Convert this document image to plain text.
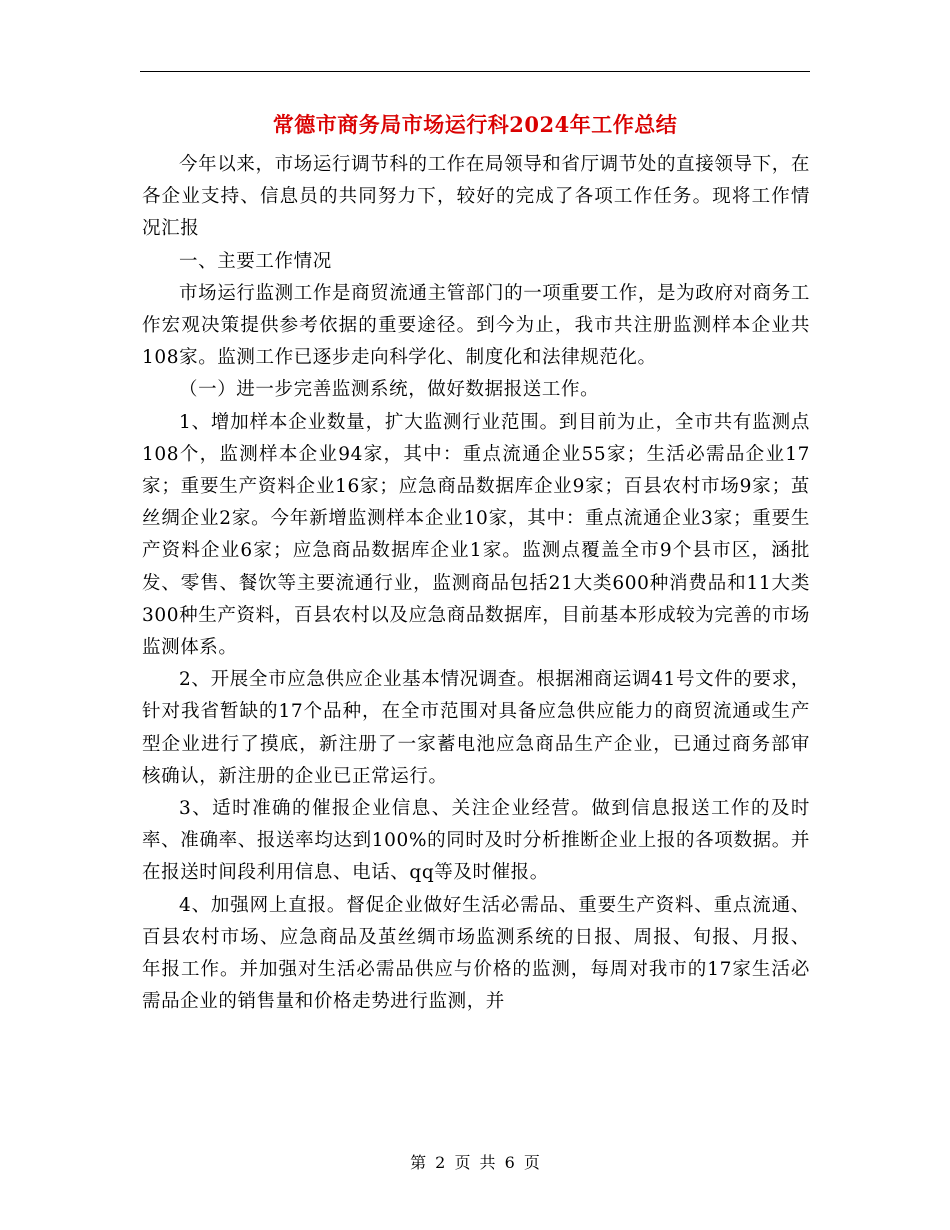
常德市商务局市场运行科2024年工作总结

今年以来，市场运行调节科的工作在局领导和省厅调节处的直接领导下，在各企业支持、信息员的共同努力下，较好的完成了各项工作任务。现将工作情况汇报

一、主要工作情况

市场运行监测工作是商贸流通主管部门的一项重要工作，是为政府对商务工作宏观决策提供参考依据的重要途径。到今为止，我市共注册监测样本企业共108家。监测工作已逐步走向科学化、制度化和法律规范化。

（一）进一步完善监测系统，做好数据报送工作。

1、增加样本企业数量，扩大监测行业范围。到目前为止，全市共有监测点108个，监测样本企业94家，其中：重点流通企业55家；生活必需品企业17家；重要生产资料企业16家；应急商品数据库企业9家；百县农村市场9家；茧丝绸企业2家。今年新增监测样本企业10家，其中：重点流通企业3家；重要生产资料企业6家；应急商品数据库企业1家。监测点覆盖全市9个县市区，涵批发、零售、餐饮等主要流通行业，监测商品包括21大类600种消费品和11大类300种生产资料，百县农村以及应急商品数据库，目前基本形成较为完善的市场监测体系。

2、开展全市应急供应企业基本情况调查。根据湘商运调41号文件的要求，针对我省暂缺的17个品种，在全市范围对具备应急供应能力的商贸流通或生产型企业进行了摸底，新注册了一家蓄电池应急商品生产企业，已通过商务部审核确认，新注册的企业已正常运行。

3、适时准确的催报企业信息、关注企业经营。做到信息报送工作的及时率、准确率、报送率均达到100%的同时及时分析推断企业上报的各项数据。并在报送时间段利用信息、电话、qq等及时催报。

4、加强网上直报。督促企业做好生活必需品、重要生产资料、重点流通、百县农村市场、应急商品及茧丝绸市场监测系统的日报、周报、旬报、月报、年报工作。并加强对生活必需品供应与价格的监测，每周对我市的17家生活必需品企业的销售量和价格走势进行监测，并

第 2 页 共 6 页
